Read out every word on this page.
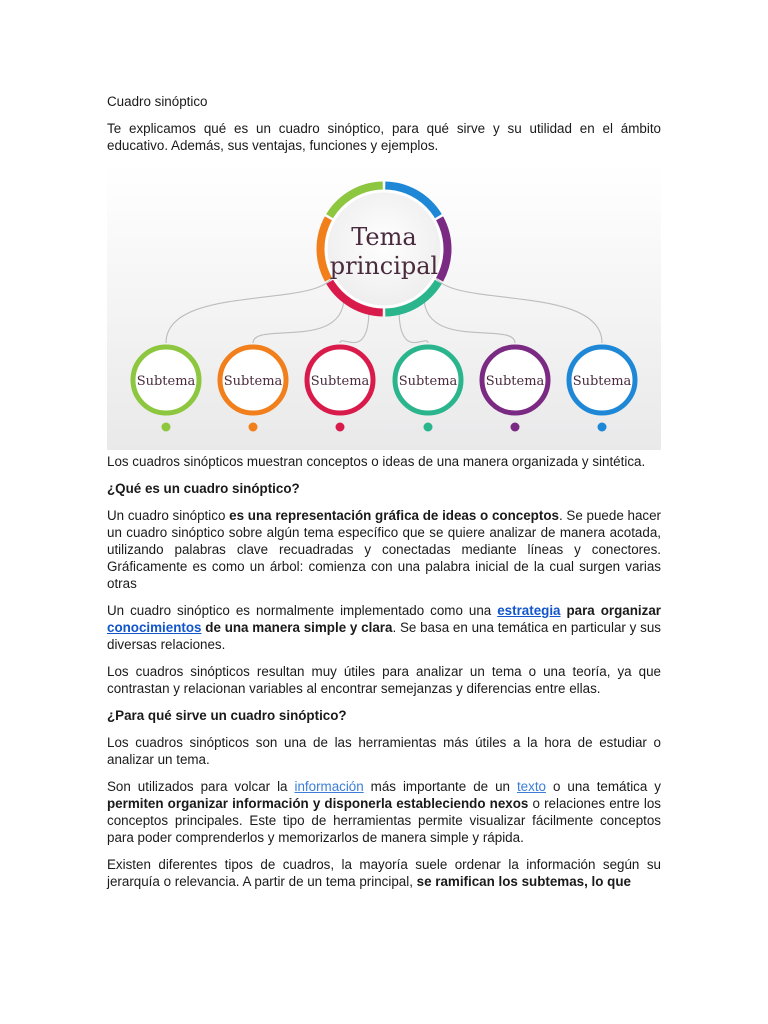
Cuadro sinóptico

Te explicamos qué es un cuadro sinóptico, para qué sirve y su utilidad en el ámbito educativo. Además, sus ventajas, funciones y ejemplos.

Tema
principal
Subtema Subtema Subtema Subtema Subtema Subtema

Los cuadros sinópticos muestran conceptos o ideas de una manera organizada y sintética.

¿Qué es un cuadro sinóptico?

Un cuadro sinóptico es una representación gráfica de ideas o conceptos. Se puede hacer un cuadro sinóptico sobre algún tema específico que se quiere analizar de manera acotada, utilizando palabras clave recuadradas y conectadas mediante líneas y conectores. Gráficamente es como un árbol: comienza con una palabra inicial de la cual surgen varias otras

Un cuadro sinóptico es normalmente implementado como una estrategia para organizar conocimientos de una manera simple y clara. Se basa en una temática en particular y sus diversas relaciones.

Los cuadros sinópticos resultan muy útiles para analizar un tema o una teoría, ya que contrastan y relacionan variables al encontrar semejanzas y diferencias entre ellas.

¿Para qué sirve un cuadro sinóptico?

Los cuadros sinópticos son una de las herramientas más útiles a la hora de estudiar o analizar un tema.

Son utilizados para volcar la información más importante de un texto o una temática y permiten organizar información y disponerla estableciendo nexos o relaciones entre los conceptos principales. Este tipo de herramientas permite visualizar fácilmente conceptos para poder comprenderlos y memorizarlos de manera simple y rápida.

Existen diferentes tipos de cuadros, la mayoría suele ordenar la información según su jerarquía o relevancia. A partir de un tema principal, se ramifican los subtemas, lo que
